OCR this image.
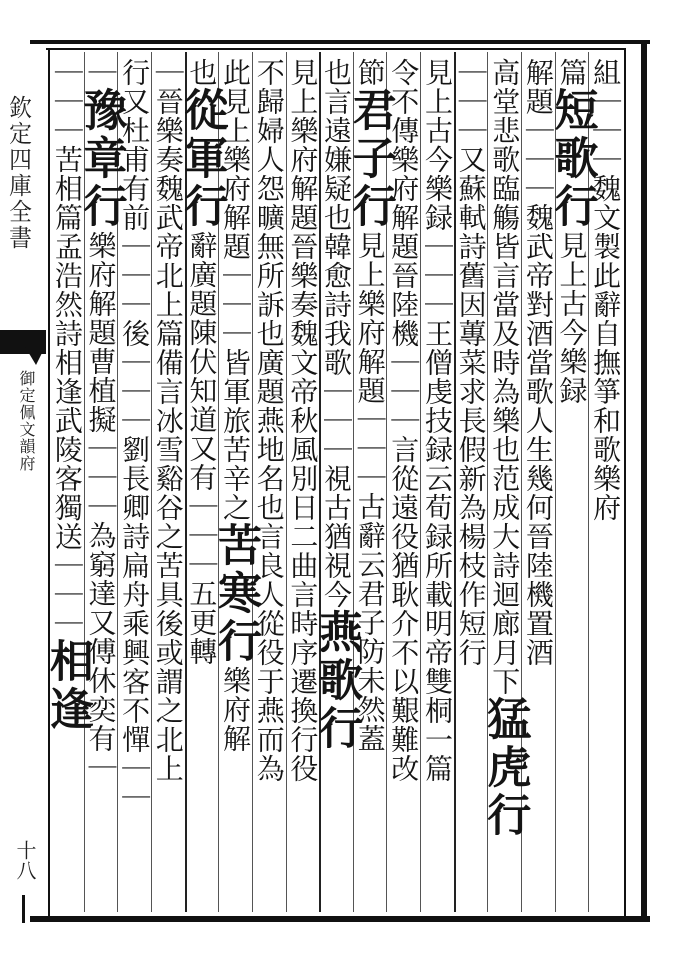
欽定四庫全書
御定佩文韻府
十八
組｜｜｜魏文製此辭自撫箏和歌樂府
篇短歌行見上古今樂録
解題｜｜｜魏武帝對酒當歌人生幾何晉陸機置酒
高堂悲歌臨觴皆言當及時為樂也范成大詩迴廊月下猛虎行
｜｜｜又蘇軾詩舊因蓴菜求長假新為楊枝作短行
見上古今樂録｜｜｜王僧虔技録云荀録所載明帝雙桐一篇
令不傳樂府解題晉陸機｜｜｜言從遠役猶耿介不以艱難改
節君子行見上樂府解題｜｜｜古辭云君子防未然蓋
也言遠嫌疑也韓愈詩我歌｜｜｜視古猶視今燕歌行
見上樂府解題晉樂奏魏文帝秋風別日二曲言時序遷換行役
不歸婦人怨曠無所訴也廣題燕地名也言良人從役于燕而為
此見上樂府解題｜｜｜皆軍旅苦辛之苦寒行樂府解
也從軍行辭廣題陳伏知道又有｜｜｜五更轉
｜晉樂奏魏武帝北上篇備言冰雪谿谷之苦具後或謂之北上
行又杜甫有前｜｜｜後｜｜｜劉長卿詩扁舟乘興客不憚｜｜
｜豫章行樂府解題曹植擬｜｜｜為窮達又傅休奕有｜
｜｜｜苦相篇孟浩然詩相逢武陵客獨送｜｜｜相逢
